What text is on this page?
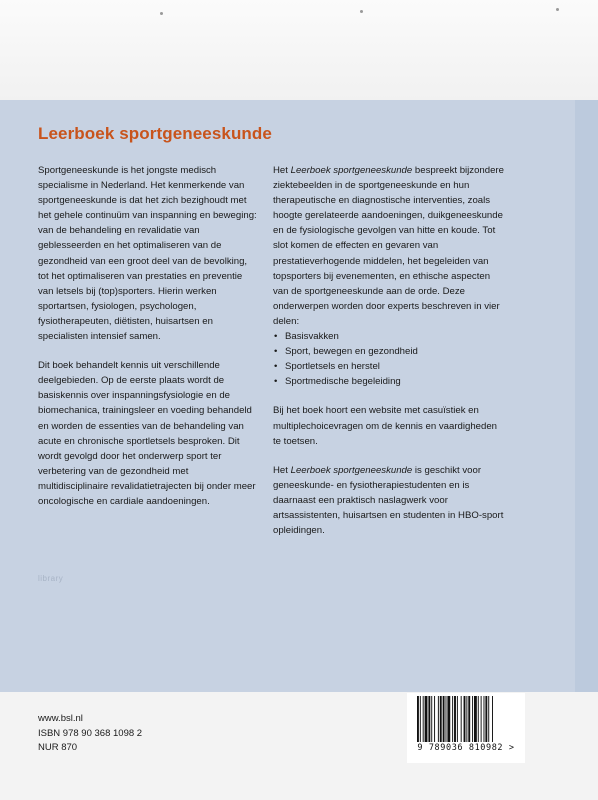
Leerboek sportgeneeskunde

Sportgeneeskunde is het jongste medisch specialisme in Nederland. Het kenmerkende van sportgeneeskunde is dat het zich bezighoudt met het gehele continuüm van inspanning en beweging: van de behandeling en revalidatie van geblesseerden en het optimaliseren van de gezondheid van een groot deel van de bevolking, tot het optimaliseren van prestaties en preventie van letsels bij (top)sporters. Hierin werken sportartsen, fysiologen, psychologen, fysiotherapeuten, diëtisten, huisartsen en specialisten intensief samen.

Dit boek behandelt kennis uit verschillende deelgebieden. Op de eerste plaats wordt de basiskennis over inspanningsfysiologie en de biomechanica, trainingsleer en voeding behandeld en worden de essenties van de behandeling van acute en chronische sportletsels besproken. Dit wordt gevolgd door het onderwerp sport ter verbetering van de gezondheid met multidisciplinaire revalidatietrajecten bij onder meer oncologische en cardiale aandoeningen.

Het Leerboek sportgeneeskunde bespreekt bijzondere ziektebeelden in de sportgeneeskunde en hun therapeutische en diagnostische interventies, zoals hoogte gerelateerde aandoeningen, duikgeneeskunde en de fysiologische gevolgen van hitte en koude. Tot slot komen de effecten en gevaren van prestatieverhogende middelen, het begeleiden van topsporters bij evenementen, en ethische aspecten van de sportgeneeskunde aan de orde. Deze onderwerpen worden door experts beschreven in vier delen:

• Basisvakken
• Sport, bewegen en gezondheid
• Sportletsels en herstel
• Sportmedische begeleiding

Bij het boek hoort een website met casuïstiek en multiplechoicevragen om de kennis en vaardigheden te toetsen.

Het Leerboek sportgeneeskunde is geschikt voor geneeskunde- en fysiotherapiestudenten en is daarnaast een praktisch naslagwerk voor artsassistenten, huisartsen en studenten in HBO-sport opleidingen.

library
www.bsl.nl
ISBN 978 90 368 1098 2
NUR 870	9 789036 810982 >
